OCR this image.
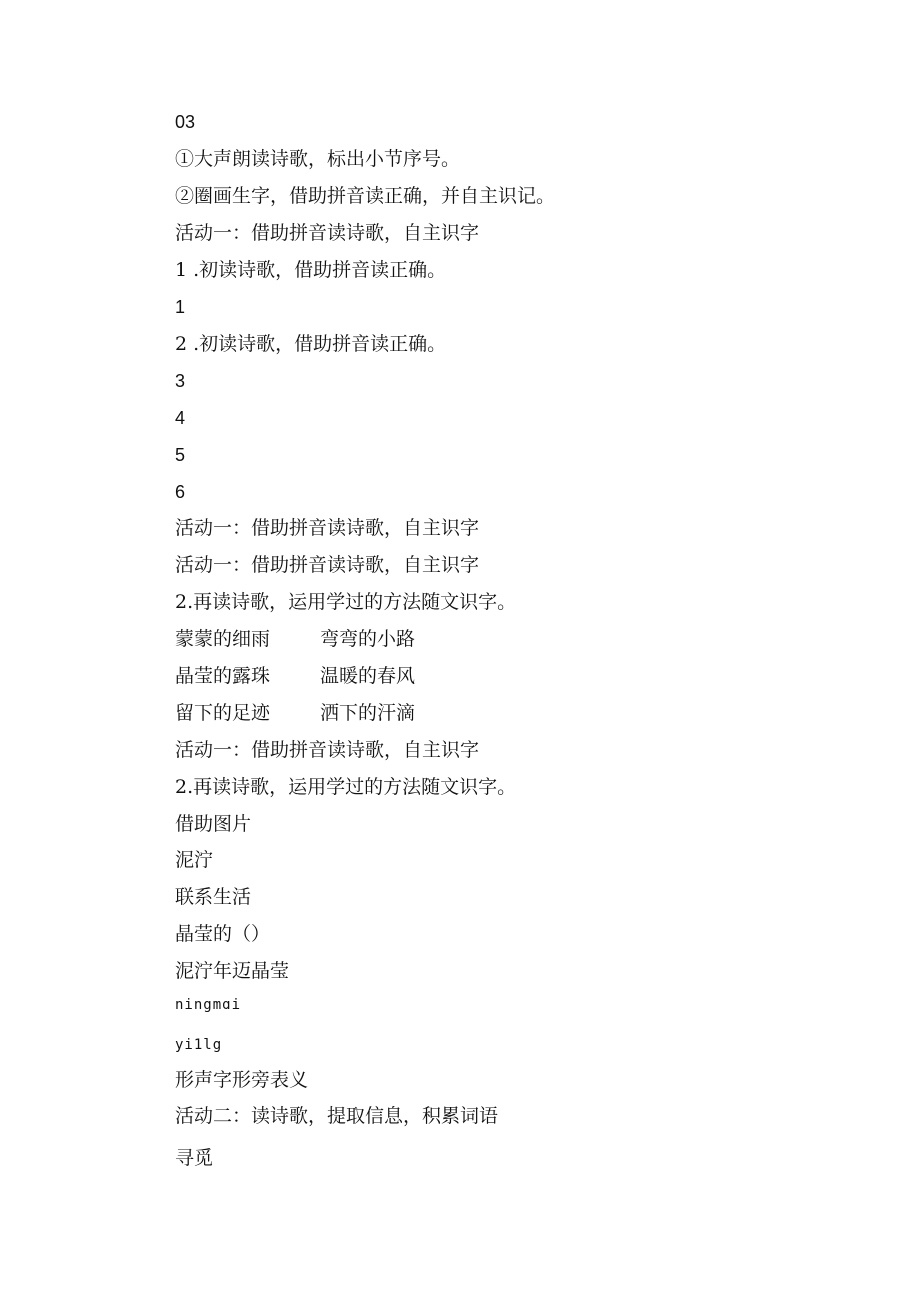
03
①大声朗读诗歌，标出小节序号。
②圈画生字，借助拼音读正确，并自主识记。
活动一：借助拼音读诗歌，自主识字
1 .初读诗歌，借助拼音读正确。
1
2 .初读诗歌，借助拼音读正确。
3
4
5
6
活动一：借助拼音读诗歌，自主识字
活动一：借助拼音读诗歌，自主识字
2.再读诗歌，运用学过的方法随文识字。
蒙蒙的细雨	弯弯的小路
晶莹的露珠	温暖的春风
留下的足迹	洒下的汗滴
活动一：借助拼音读诗歌，自主识字
2.再读诗歌，运用学过的方法随文识字。
借助图片
泥泞
联系生活
晶莹的（）
泥泞年迈晶莹
ningmɑi
yi1lg
形声字形旁表义
活动二：读诗歌，提取信息，积累词语
寻觅
